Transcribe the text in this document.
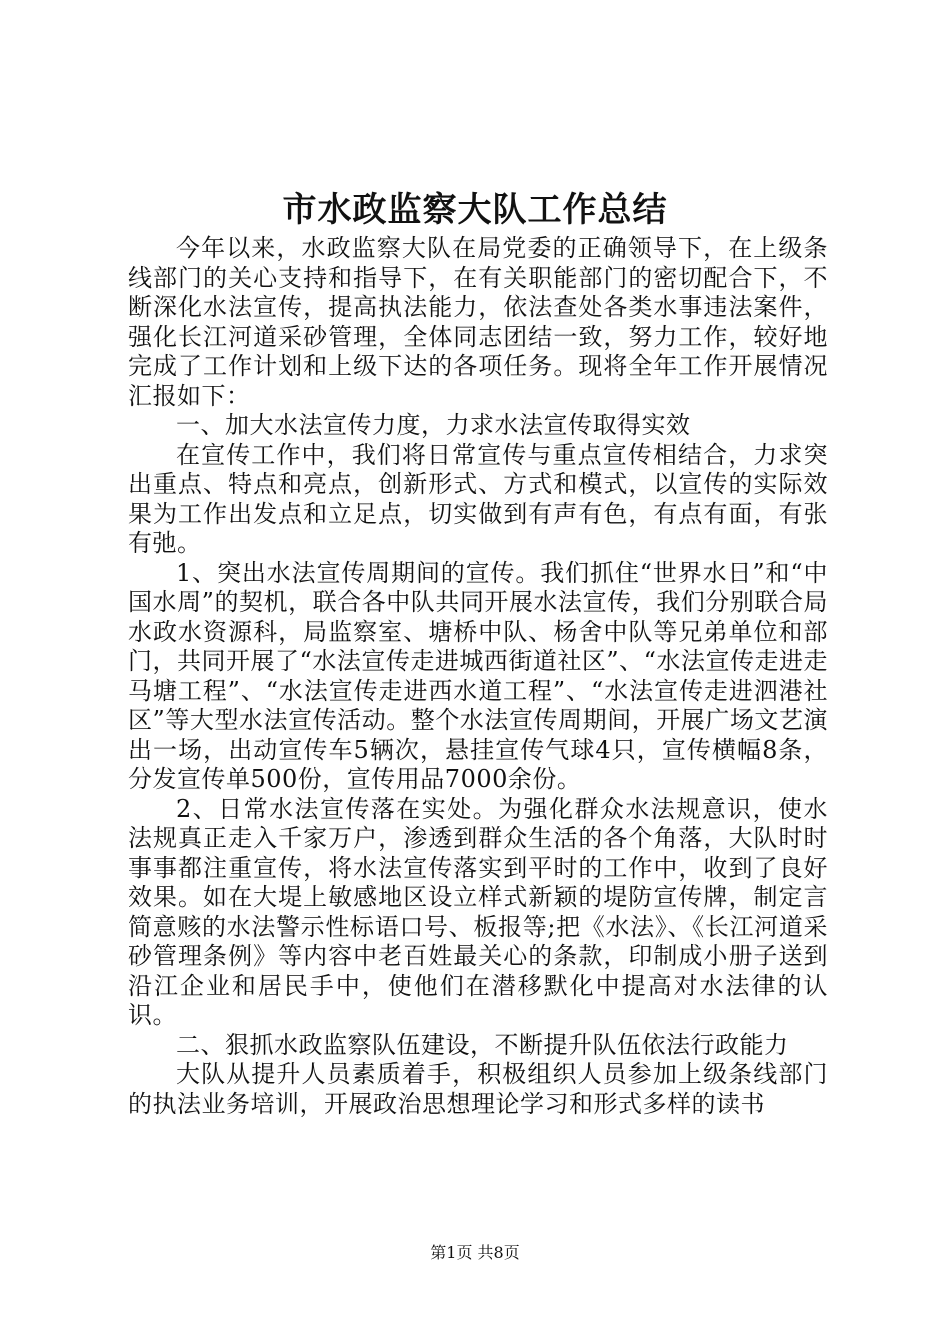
市水政监察大队工作总结

今年以来，水政监察大队在局党委的正确领导下，在上级条线部门的关心支持和指导下，在有关职能部门的密切配合下，不断深化水法宣传，提高执法能力，依法查处各类水事违法案件，强化长江河道采砂管理，全体同志团结一致，努力工作，较好地完成了工作计划和上级下达的各项任务。现将全年工作开展情况汇报如下：

一、加大水法宣传力度，力求水法宣传取得实效

在宣传工作中，我们将日常宣传与重点宣传相结合，力求突出重点、特点和亮点，创新形式、方式和模式，以宣传的实际效果为工作出发点和立足点，切实做到有声有色，有点有面，有张有弛。

1、突出水法宣传周期间的宣传。我们抓住“世界水日”和“中国水周”的契机，联合各中队共同开展水法宣传，我们分别联合局水政水资源科，局监察室、塘桥中队、杨舍中队等兄弟单位和部门，共同开展了“水法宣传走进城西街道社区”、“水法宣传走进走马塘工程”、“水法宣传走进西水道工程”、“水法宣传走进泗港社区”等大型水法宣传活动。整个水法宣传周期间，开展广场文艺演出一场，出动宣传车5辆次，悬挂宣传气球4只，宣传横幅8条，分发宣传单500份，宣传用品7000余份。

2、日常水法宣传落在实处。为强化群众水法规意识，使水法规真正走入千家万户，渗透到群众生活的各个角落，大队时时事事都注重宣传，将水法宣传落实到平时的工作中，收到了良好效果。如在大堤上敏感地区设立样式新颖的堤防宣传牌，制定言简意赅的水法警示性标语口号、板报等;把《水法》、《长江河道采砂管理条例》等内容中老百姓最关心的条款，印制成小册子送到沿江企业和居民手中，使他们在潜移默化中提高对水法律的认识。

二、狠抓水政监察队伍建设，不断提升队伍依法行政能力

大队从提升人员素质着手，积极组织人员参加上级条线部门的执法业务培训，开展政治思想理论学习和形式多样的读书

第1页 共8页
